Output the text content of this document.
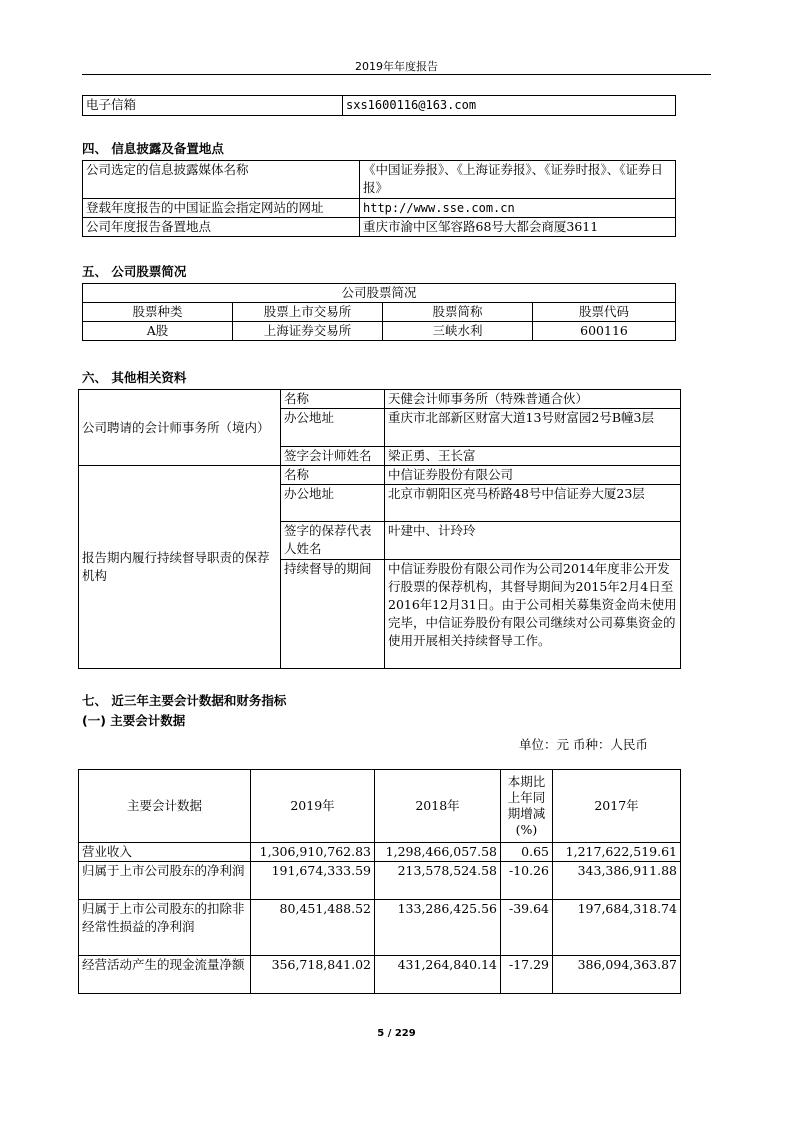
2019年年度报告
电子信箱	sxs1600116@163.com
四、 信息披露及备置地点
公司选定的信息披露媒体名称	《中国证券报》、《上海证券报》、《证券时报》、《证券日报》
登载年度报告的中国证监会指定网站的网址	http://www.sse.com.cn
公司年度报告备置地点	重庆市渝中区邹容路68号大都会商厦3611
五、 公司股票简况
公司股票简况			
股票种类	股票上市交易所	股票简称	股票代码
A股	上海证券交易所	三峡水利	600116
六、 其他相关资料
公司聘请的会计师事务所（境内）	名称	天健会计师事务所（特殊普通合伙）
	办公地址	重庆市北部新区财富大道13号财富园2号B幢3层
	签字会计师姓名	梁正勇、王长富
报告期内履行持续督导职责的保荐机构	名称	中信证券股份有限公司
	办公地址	北京市朝阳区亮马桥路48号中信证券大厦23层
	签字的保荐代表人姓名	叶建中、计玲玲
	持续督导的期间	中信证券股份有限公司作为公司2014年度非公开发行股票的保荐机构，其督导期间为2015年2月4日至2016年12月31日。由于公司相关募集资金尚未使用完毕，中信证券股份有限公司继续对公司募集资金的使用开展相关持续督导工作。
七、 近三年主要会计数据和财务指标
(一) 主要会计数据
单位：元 币种：人民币
主要会计数据	2019年	2018年	本期比上年同期增减(%)	2017年
营业收入	1,306,910,762.83	1,298,466,057.58	0.65	1,217,622,519.61
归属于上市公司股东的净利润	191,674,333.59	213,578,524.58	-10.26	343,386,911.88
归属于上市公司股东的扣除非经常性损益的净利润	80,451,488.52	133,286,425.56	-39.64	197,684,318.74
经营活动产生的现金流量净额	356,718,841.02	431,264,840.14	-17.29	386,094,363.87
5 / 229
